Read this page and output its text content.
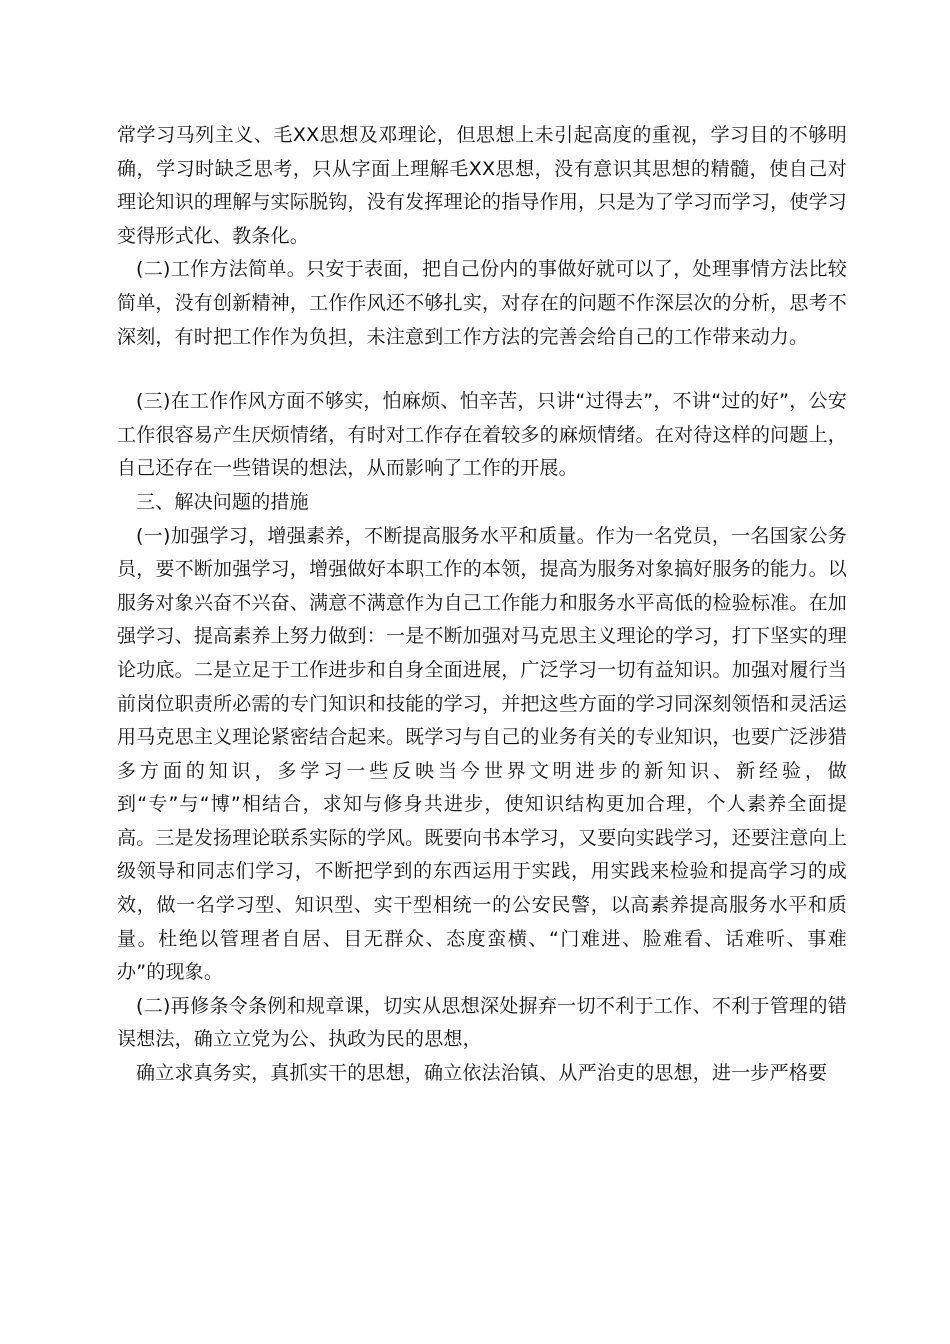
常学习马列主义、毛XX思想及邓理论，但思想上未引起高度的重视，学习目的不够明确，学习时缺乏思考，只从字面上理解毛XX思想，没有意识其思想的精髓，使自己对理论知识的理解与实际脱钩，没有发挥理论的指导作用，只是为了学习而学习，使学习变得形式化、教条化。

(二)工作方法简单。只安于表面，把自己份内的事做好就可以了，处理事情方法比较简单，没有创新精神，工作作风还不够扎实，对存在的问题不作深层次的分析，思考不深刻，有时把工作作为负担，未注意到工作方法的完善会给自己的工作带来动力。

(三)在工作作风方面不够实，怕麻烦、怕辛苦，只讲“过得去”，不讲“过的好”，公安工作很容易产生厌烦情绪，有时对工作存在着较多的麻烦情绪。在对待这样的问题上，自己还存在一些错误的想法，从而影响了工作的开展。

三、解决问题的措施

(一)加强学习，增强素养，不断提高服务水平和质量。作为一名党员，一名国家公务员，要不断加强学习，增强做好本职工作的本领，提高为服务对象搞好服务的能力。以服务对象兴奋不兴奋、满意不满意作为自己工作能力和服务水平高低的检验标准。在加强学习、提高素养上努力做到：一是不断加强对马克思主义理论的学习，打下坚实的理论功底。二是立足于工作进步和自身全面进展，广泛学习一切有益知识。加强对履行当前岗位职责所必需的专门知识和技能的学习，并把这些方面的学习同深刻领悟和灵活运用马克思主义理论紧密结合起来。既学习与自己的业务有关的专业知识，也要广泛涉猎多方面的知识，多学习一些反映当今世界文明进步的新知识、新经验，做到“专”与“博”相结合，求知与修身共进步，使知识结构更加合理，个人素养全面提高。三是发扬理论联系实际的学风。既要向书本学习，又要向实践学习，还要注意向上级领导和同志们学习，不断把学到的东西运用于实践，用实践来检验和提高学习的成效，做一名学习型、知识型、实干型相统一的公安民警，以高素养提高服务水平和质量。杜绝以管理者自居、目无群众、态度蛮横、“门难进、脸难看、话难听、事难办”的现象。

(二)再修条令条例和规章课，切实从思想深处摒弃一切不利于工作、不利于管理的错误想法，确立立党为公、执政为民的思想，

确立求真务实，真抓实干的思想，确立依法治镇、从严治吏的思想，进一步严格要
